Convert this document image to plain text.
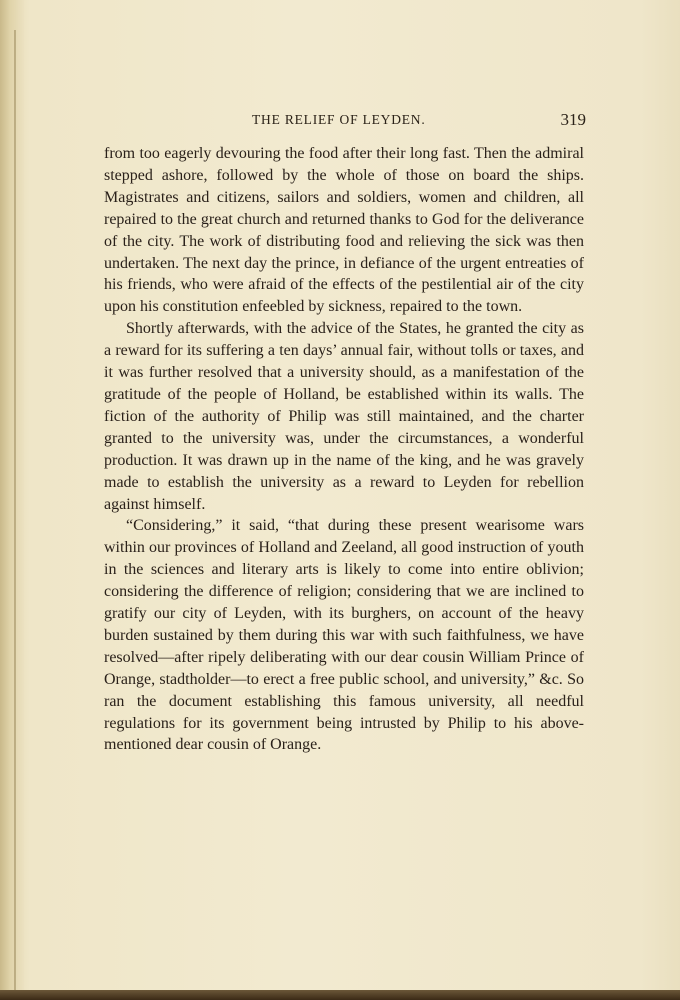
THE RELIEF OF LEYDEN.	319

from too eagerly devouring the food after their long fast. Then the admiral stepped ashore, followed by the whole of those on board the ships. Magistrates and citizens, sailors and soldiers, women and children, all repaired to the great church and returned thanks to God for the deliverance of the city. The work of distributing food and relieving the sick was then undertaken. The next day the prince, in defiance of the urgent entreaties of his friends, who were afraid of the effects of the pestilential air of the city upon his constitution enfeebled by sickness, repaired to the town.

Shortly afterwards, with the advice of the States, he granted the city as a reward for its suffering a ten days’ annual fair, without tolls or taxes, and it was further resolved that a university should, as a manifestation of the gratitude of the people of Holland, be established within its walls. The fiction of the authority of Philip was still maintained, and the charter granted to the university was, under the circumstances, a wonderful production. It was drawn up in the name of the king, and he was gravely made to establish the university as a reward to Leyden for rebellion against himself.

“Considering,” it said, “that during these present wearisome wars within our provinces of Holland and Zeeland, all good instruction of youth in the sciences and literary arts is likely to come into entire oblivion; considering the difference of religion; considering that we are inclined to gratify our city of Leyden, with its burghers, on account of the heavy burden sustained by them during this war with such faithfulness, we have resolved—after ripely deliberating with our dear cousin William Prince of Orange, stadtholder—to erect a free public school, and university,” &c. So ran the document establishing this famous university, all needful regulations for its government being intrusted by Philip to his above-mentioned dear cousin of Orange.
